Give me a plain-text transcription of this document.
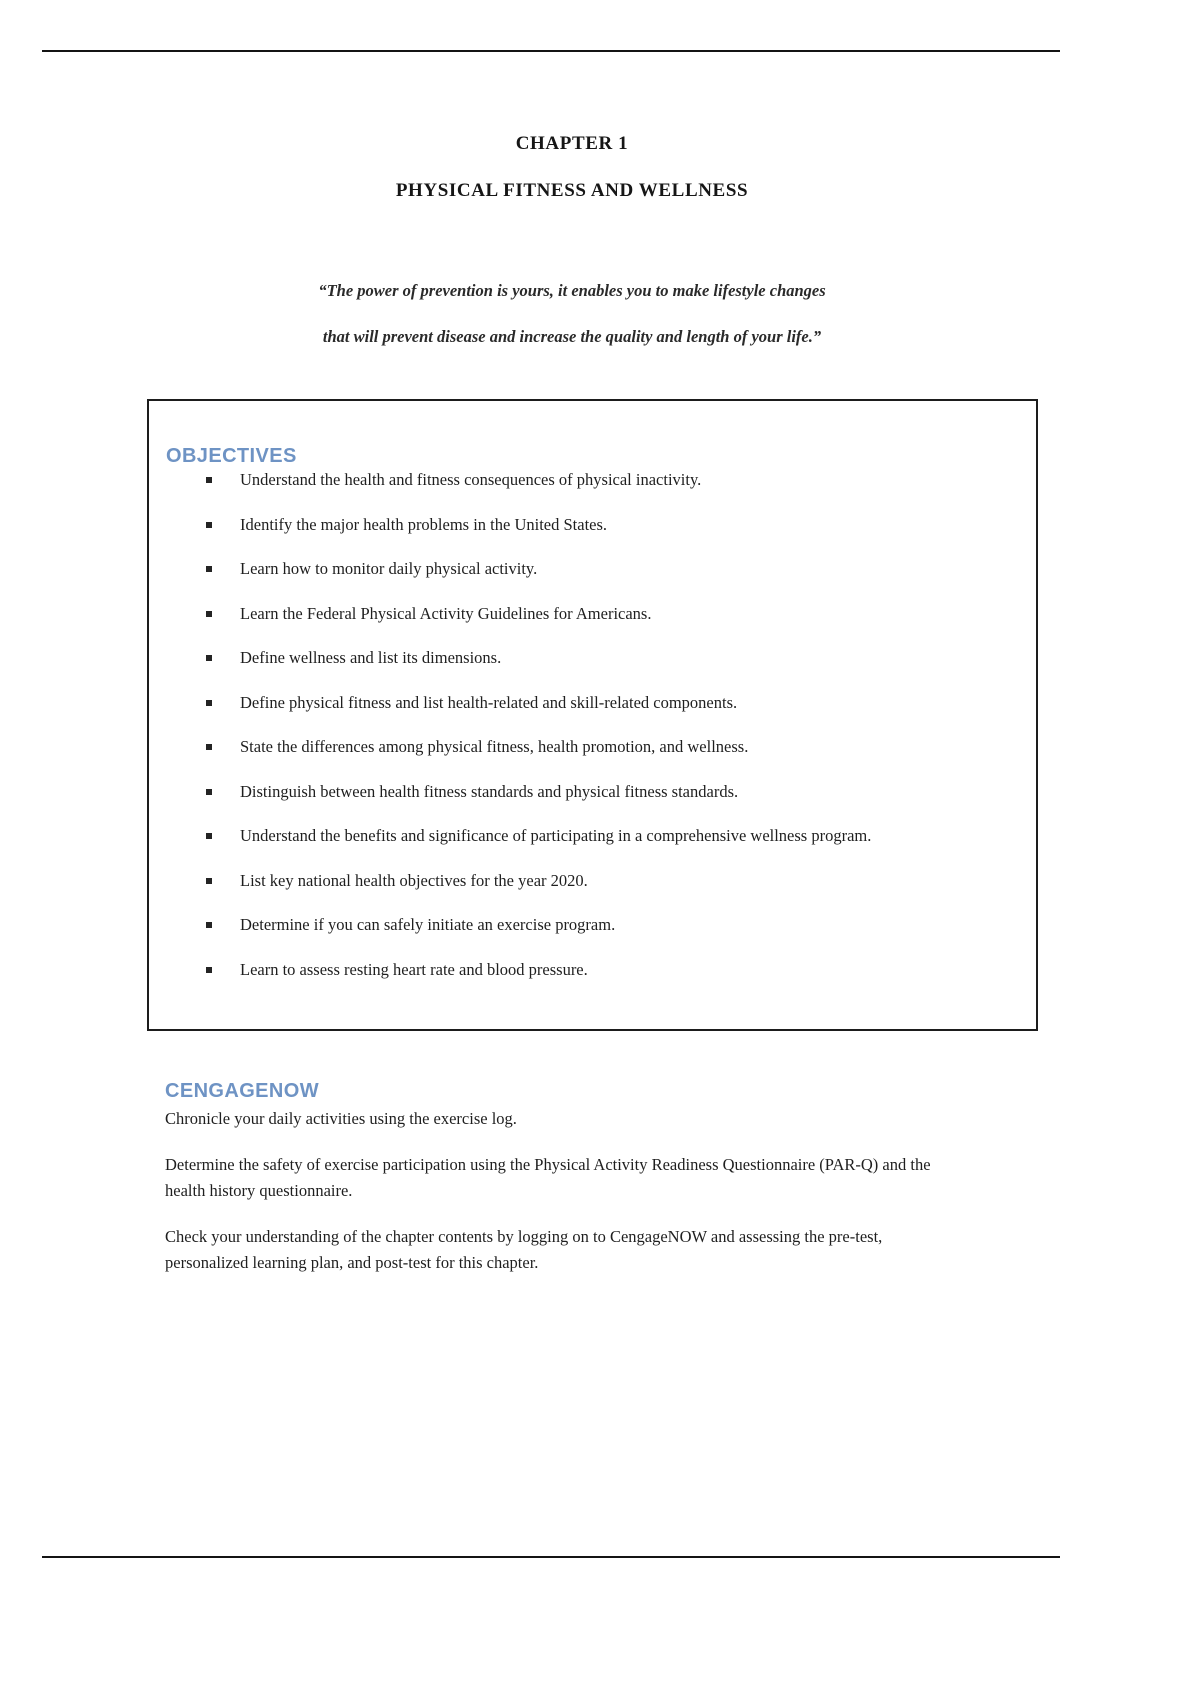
CHAPTER 1
PHYSICAL FITNESS AND WELLNESS
“The power of prevention is yours, it enables you to make lifestyle changes
that will prevent disease and increase the quality and length of your life.”
OBJECTIVES
Understand the health and fitness consequences of physical inactivity.
Identify the major health problems in the United States.
Learn how to monitor daily physical activity.
Learn the Federal Physical Activity Guidelines for Americans.
Define wellness and list its dimensions.
Define physical fitness and list health-related and skill-related components.
State the differences among physical fitness, health promotion, and wellness.
Distinguish between health fitness standards and physical fitness standards.
Understand the benefits and significance of participating in a comprehensive wellness program.
List key national health objectives for the year 2020.
Determine if you can safely initiate an exercise program.
Learn to assess resting heart rate and blood pressure.
CENGAGENOW

Chronicle your daily activities using the exercise log.

Determine the safety of exercise participation using the Physical Activity Readiness Questionnaire (PAR-Q) and the health history questionnaire.

Check your understanding of the chapter contents by logging on to CengageNOW and assessing the pre-test, personalized learning plan, and post-test for this chapter.
